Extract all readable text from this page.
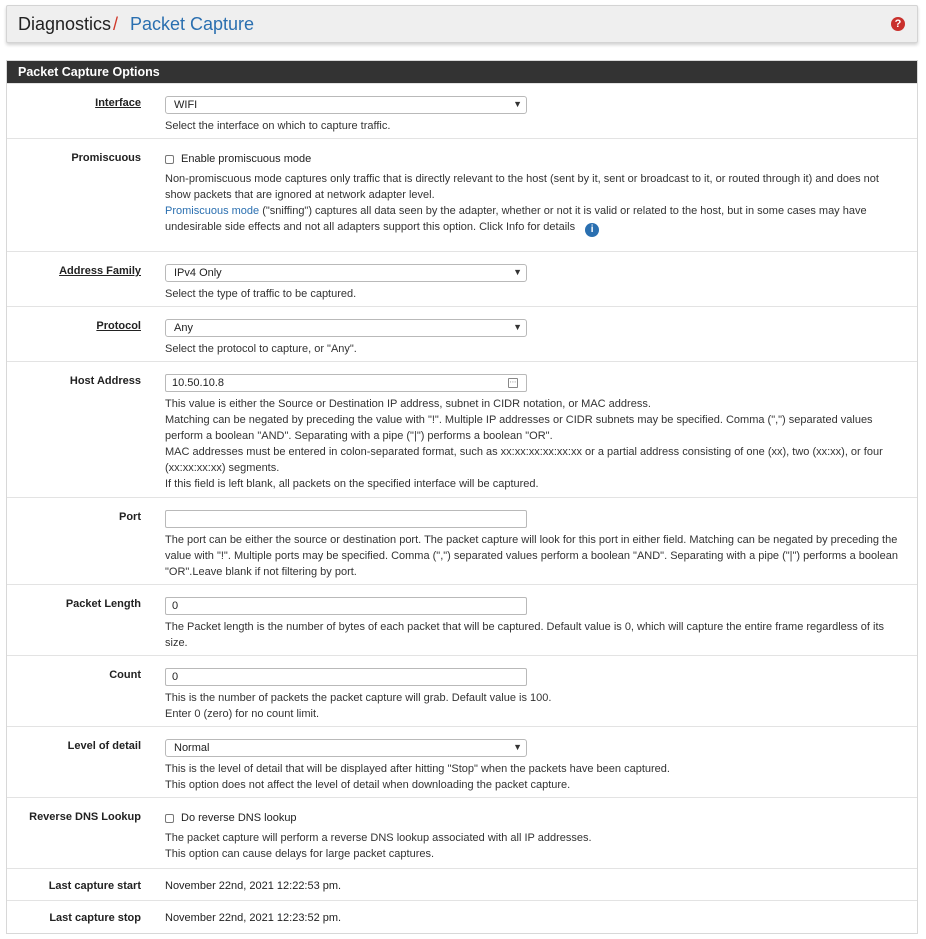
Diagnostics / Packet Capture	?
Packet Capture Options
Interface	WIFI	▼
Select the interface on which to capture traffic.
Promiscuous	Enable promiscuous mode

Non-promiscuous mode captures only traffic that is directly relevant to the host (sent by it, sent or broadcast to it, or routed through it) and does not show packets that are ignored at network adapter level.

Promiscuous mode ("sniffing") captures all data seen by the adapter, whether or not it is valid or related to the host, but in some cases may have undesirable side effects and not all adapters support this option. Click Info for details i

Address Family	IPv4 Only	▼
Select the type of traffic to be captured.
Protocol	Any	▼
Select the protocol to capture, or "Any".
Host Address	10.50.10.8	⋯

This value is either the Source or Destination IP address, subnet in CIDR notation, or MAC address.

Matching can be negated by preceding the value with "!". Multiple IP addresses or CIDR subnets may be specified. Comma (",") separated values perform a boolean "AND". Separating with a pipe ("|") performs a boolean "OR".

MAC addresses must be entered in colon-separated format, such as xx:xx:xx:xx:xx:xx or a partial address consisting of one (xx), two (xx:xx), or four (xx:xx:xx:xx) segments.

If this field is left blank, all packets on the specified interface will be captured.

Port
The port can be either the source or destination port. The packet capture will look for this port in either field. Matching can be negated by preceding the value with "!". Multiple ports may be specified. Comma (",") separated values perform a boolean "AND". Separating with a pipe ("|") performs a boolean "OR".Leave blank if not filtering by port.
Packet Length	0
The Packet length is the number of bytes of each packet that will be captured. Default value is 0, which will capture the entire frame regardless of its size.
Count	0

This is the number of packets the packet capture will grab. Default value is 100.

Enter 0 (zero) for no count limit.

Level of detail	Normal	▼

This is the level of detail that will be displayed after hitting "Stop" when the packets have been captured.

This option does not affect the level of detail when downloading the packet capture.

Reverse DNS Lookup	Do reverse DNS lookup

The packet capture will perform a reverse DNS lookup associated with all IP addresses.

This option can cause delays for large packet captures.

Last capture start November 22nd, 2021 12:22:53 pm.
Last capture stop November 22nd, 2021 12:23:52 pm.
